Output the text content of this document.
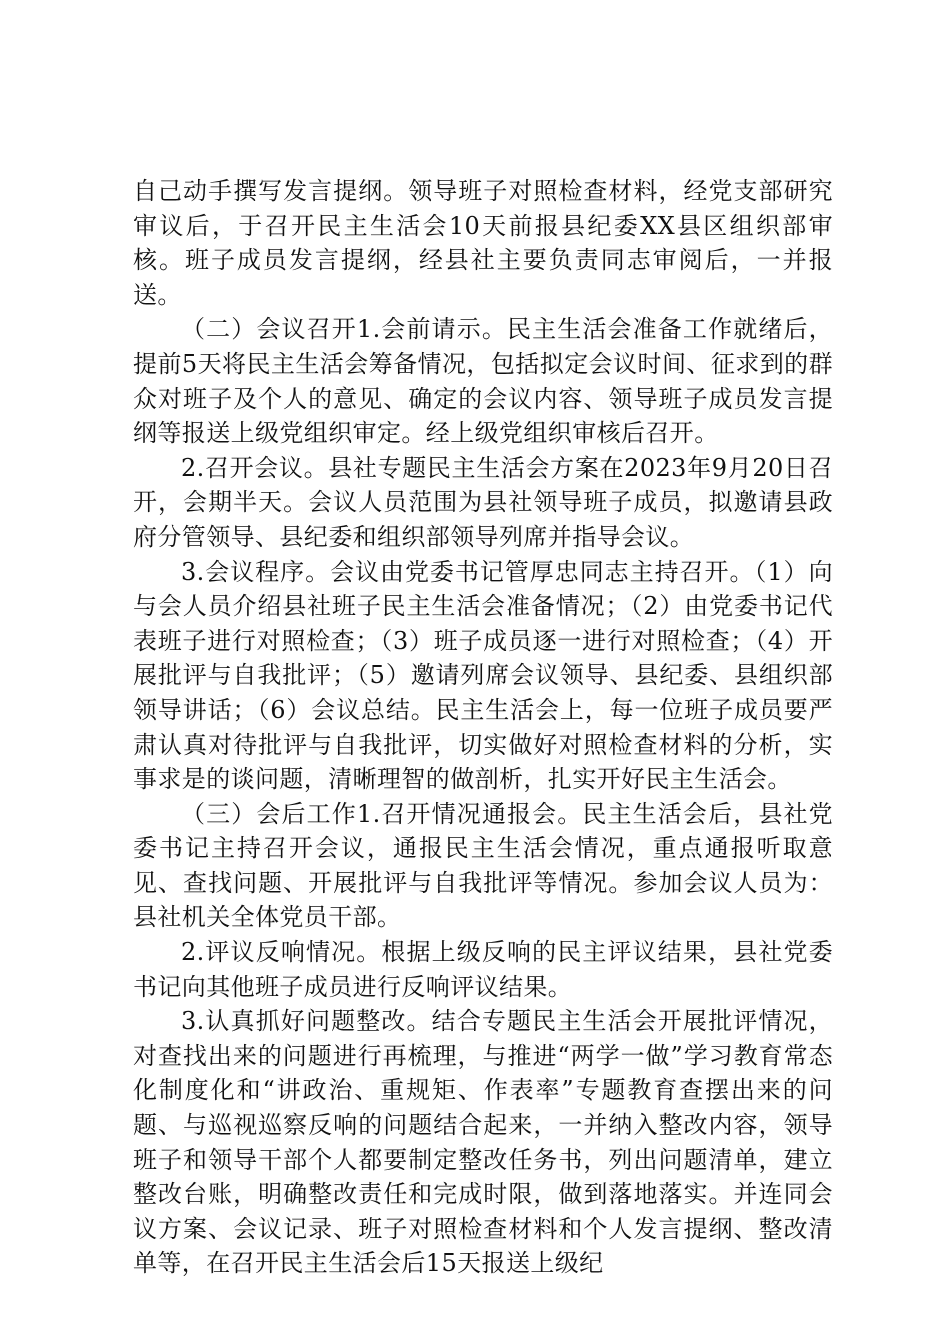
自己动手撰写发言提纲。领导班子对照检查材料，经党支部研究审议后，于召开民主生活会10天前报县纪委XX县区组织部审核。班子成员发言提纲，经县社主要负责同志审阅后，一并报送。

（二）会议召开1.会前请示。民主生活会准备工作就绪后，提前5天将民主生活会筹备情况，包括拟定会议时间、征求到的群众对班子及个人的意见、确定的会议内容、领导班子成员发言提纲等报送上级党组织审定。经上级党组织审核后召开。

2.召开会议。县社专题民主生活会方案在2023年9月20日召开，会期半天。会议人员范围为县社领导班子成员，拟邀请县政府分管领导、县纪委和组织部领导列席并指导会议。

3.会议程序。会议由党委书记管厚忠同志主持召开。（1）向与会人员介绍县社班子民主生活会准备情况；（2）由党委书记代表班子进行对照检查；（3）班子成员逐一进行对照检查；（4）开展批评与自我批评；（5）邀请列席会议领导、县纪委、县组织部领导讲话；（6）会议总结。民主生活会上，每一位班子成员要严肃认真对待批评与自我批评，切实做好对照检查材料的分析，实事求是的谈问题，清晰理智的做剖析，扎实开好民主生活会。

（三）会后工作1.召开情况通报会。民主生活会后，县社党委书记主持召开会议，通报民主生活会情况，重点通报听取意见、查找问题、开展批评与自我批评等情况。参加会议人员为：县社机关全体党员干部。

2.评议反响情况。根据上级反响的民主评议结果，县社党委书记向其他班子成员进行反响评议结果。

3.认真抓好问题整改。结合专题民主生活会开展批评情况，对查找出来的问题进行再梳理，与推进“两学一做”学习教育常态化制度化和“讲政治、重规矩、作表率”专题教育查摆出来的问题、与巡视巡察反响的问题结合起来，一并纳入整改内容，领导班子和领导干部个人都要制定整改任务书，列出问题清单，建立整改台账，明确整改责任和完成时限，做到落地落实。并连同会议方案、会议记录、班子对照检查材料和个人发言提纲、整改清单等，在召开民主生活会后15天报送上级纪
